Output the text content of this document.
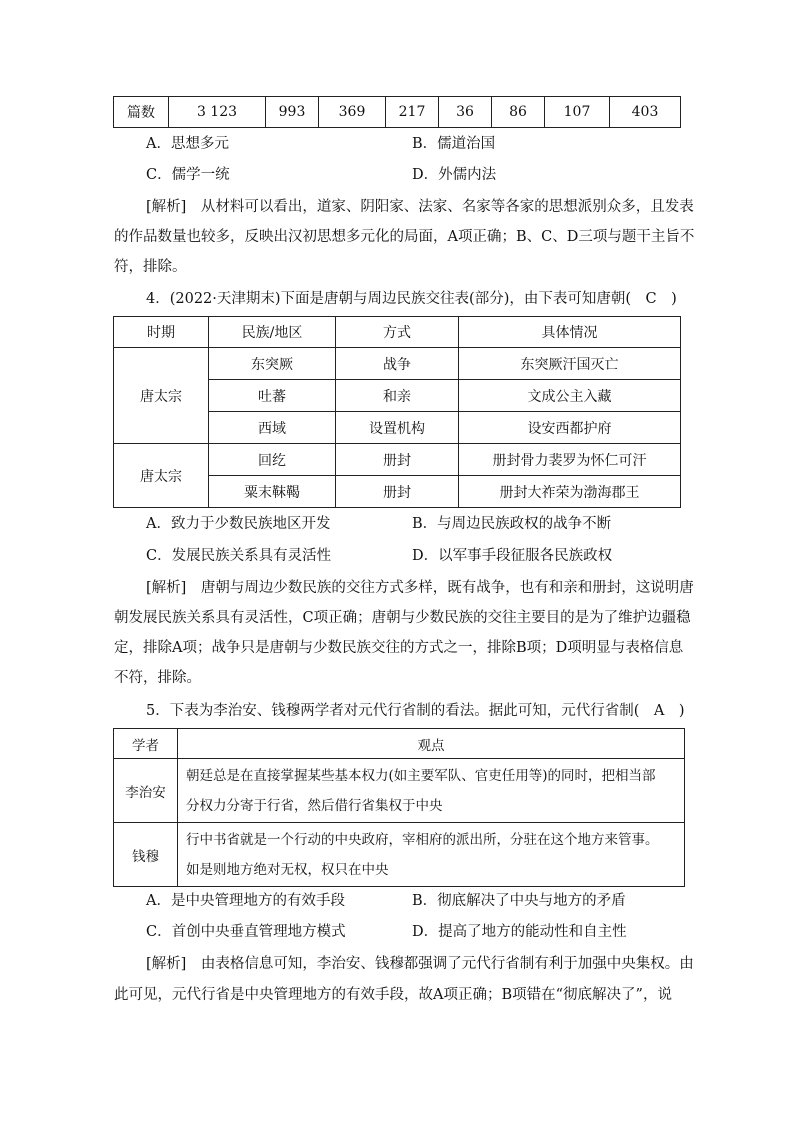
篇数	3 123	993	369	217	36	86	107	403
A．思想多元	B．儒道治国
C．儒学一统	D．外儒内法
[解析]　从材料可以看出，道家、阴阳家、法家、名家等各家的思想派别众多，且发表
的作品数量也较多，反映出汉初思想多元化的局面，A项正确；B、C、D三项与题干主旨不
符，排除。
4．(2022·天津期末)下面是唐朝与周边民族交往表(部分)，由下表可知唐朝(　C　)
时期	民族/地区	方式	具体情况
唐太宗	东突厥	战争	东突厥汗国灭亡
	吐蕃	和亲	文成公主入藏
	西域	设置机构	设安西都护府
唐太宗	回纥	册封	册封骨力裴罗为怀仁可汗
	粟末靺鞨	册封	册封大祚荣为渤海郡王
A．致力于少数民族地区开发	B．与周边民族政权的战争不断
C．发展民族关系具有灵活性	D．以军事手段征服各民族政权
[解析]　唐朝与周边少数民族的交往方式多样，既有战争，也有和亲和册封，这说明唐
朝发展民族关系具有灵活性，C项正确；唐朝与少数民族的交往主要目的是为了维护边疆稳
定，排除A项；战争只是唐朝与少数民族交往的方式之一，排除B项；D项明显与表格信息
不符，排除。
5．下表为李治安、钱穆两学者对元代行省制的看法。据此可知，元代行省制(　A　)
学者	观点
李治安	朝廷总是在直接掌握某些基本权力(如主要军队、官吏任用等)的同时，把相当部
分权力分寄于行省，然后借行省集权于中央

钱穆	行中书省就是一个行动的中央政府，宰相府的派出所，分驻在这个地方来管事。
如是则地方绝对无权，权只在中央
A．是中央管理地方的有效手段	B．彻底解决了中央与地方的矛盾
C．首创中央垂直管理地方模式	D．提高了地方的能动性和自主性
[解析]　由表格信息可知，李治安、钱穆都强调了元代行省制有利于加强中央集权。由
此可见，元代行省是中央管理地方的有效手段，故A项正确；B项错在“彻底解决了”，说
